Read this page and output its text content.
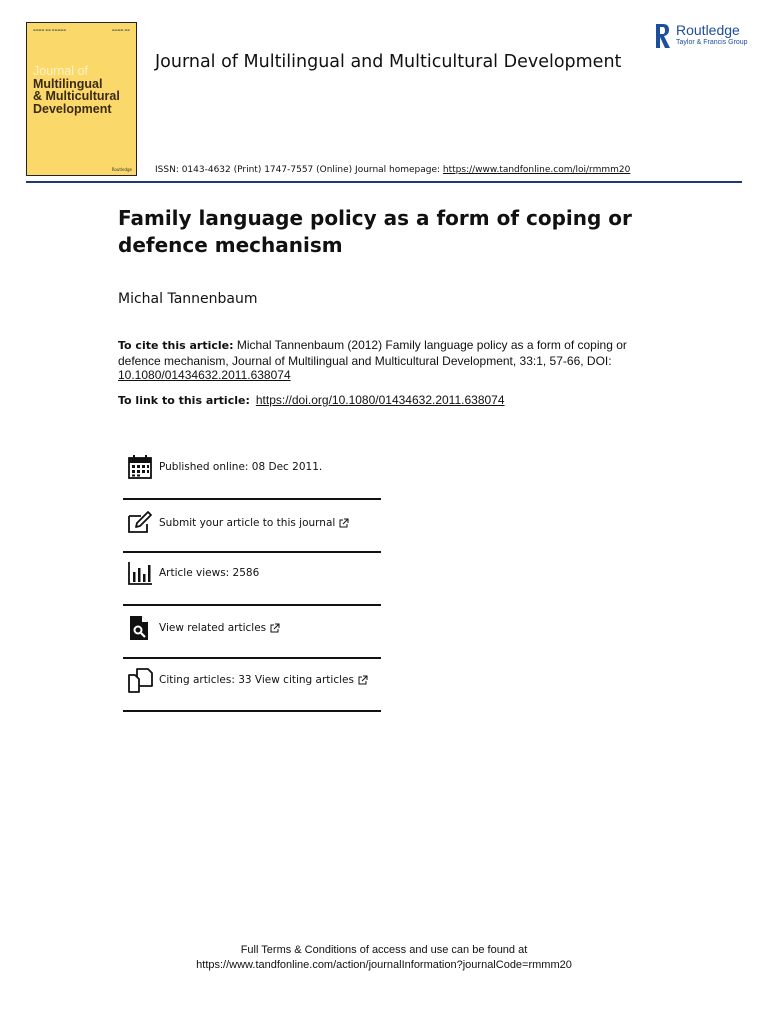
▬▬▬▬ ▬▬ ▬▬▬▬▬	▬▬▬▬ ▬▬
Journal of
Multilingual
& Multicultural
Development
Routledge
Journal of Multilingual and Multicultural Development
Routledge
Taylor & Francis Group
ISSN: 0143-4632 (Print) 1747-7557 (Online) Journal homepage: https://www.tandfonline.com/loi/rmmm20
Family language policy as a form of coping or defence mechanism
Michal Tannenbaum
To cite this article: Michal Tannenbaum (2012) Family language policy as a form of coping or defence mechanism, Journal of Multilingual and Multicultural Development, 33:1, 57-66, DOI: 10.1080/01434632.2011.638074
To link to this article: https://doi.org/10.1080/01434632.2011.638074
Published online: 08 Dec 2011.
Submit your article to this journal
Article views: 2586
View related articles
Citing articles: 33 View citing articles
Full Terms & Conditions of access and use can be found at
https://www.tandfonline.com/action/journalInformation?journalCode=rmmm20
